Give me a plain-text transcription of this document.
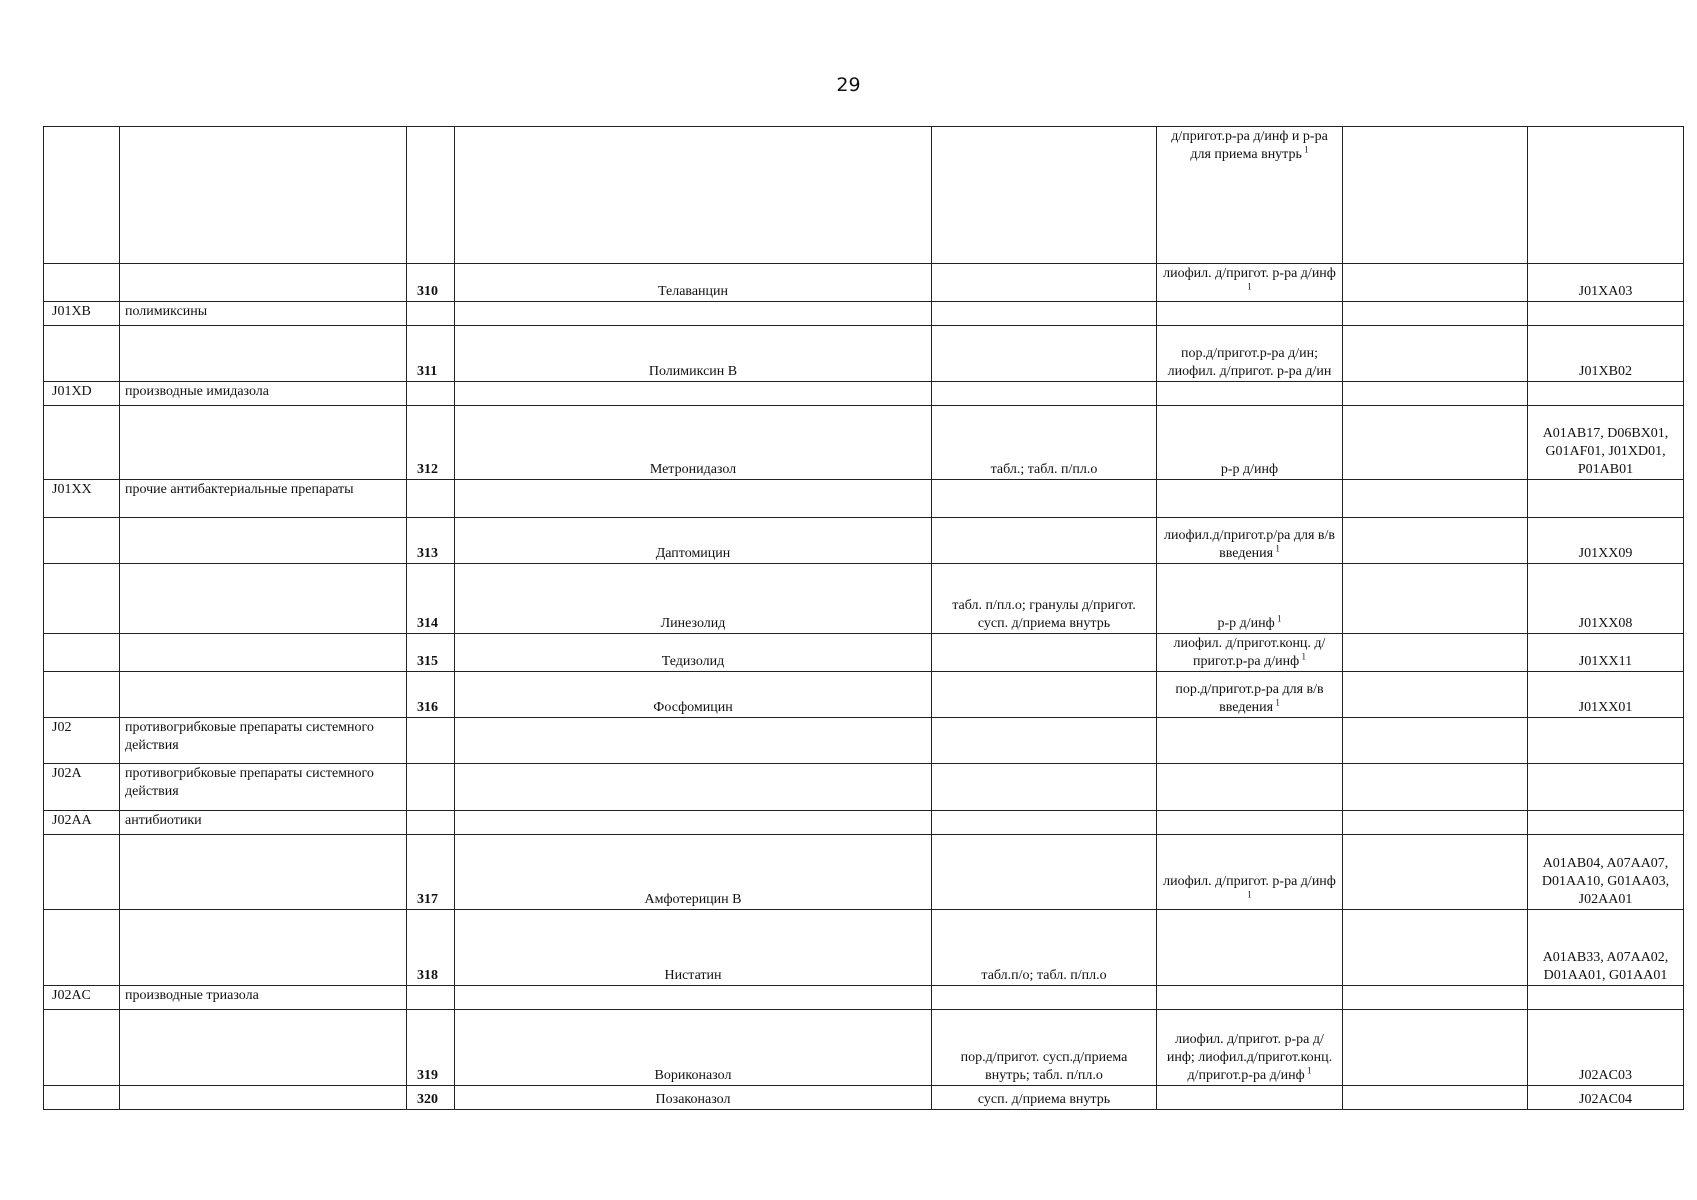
29
					д/пригот.р-ра д/инф и р-ра для приема внутрь $^1$		
		310	Телаванцин		лиофил. д/пригот. р-ра д/инф $^1$		J01XA03
J01XB	полимиксины						
		311	Полимиксин В		пор.д/пригот.р-ра д/ин; лиофил. д/пригот. р-ра д/ин		J01XB02
J01XD	производные имидазола						
		312	Метронидазол	табл.; табл. п/пл.о	р-р д/инф		A01AB17, D06BX01, G01AF01, J01XD01, P01AB01
J01XX	прочие антибактериальные препараты						
		313	Даптомицин		лиофил.д/пригот.р/ра для в/в введения $^1$		J01XX09
		314	Линезолид	табл. п/пл.о; гранулы д/пригот. сусп. д/приема внутрь	р-р д/инф $^1$		J01XX08
		315	Тедизолид		лиофил. д/пригот.конц. д/пригот.р-ра д/инф $^1$		J01XX11
		316	Фосфомицин		пор.д/пригот.р-ра для в/в введения $^1$		J01XX01
J02	противогрибковые препараты системного действия						
J02A	противогрибковые препараты системного действия						
J02AA	антибиотики						
		317	Амфотерицин В		лиофил. д/пригот. р-ра д/инф $^1$		A01AB04, A07AA07, D01AA10, G01AA03, J02AA01
		318	Нистатин	табл.п/о; табл. п/пл.о			A01AB33, A07AA02, D01AA01, G01AA01
J02AC	производные триазола						
		319	Вориконазол	пор.д/пригот. сусп.д/приема внутрь; табл. п/пл.о	лиофил. д/пригот. р-ра д/инф; лиофил.д/пригот.конц. д/пригот.р-ра д/инф $^1$		J02AC03
		320	Позаконазол	сусп. д/приема внутрь			J02AC04
